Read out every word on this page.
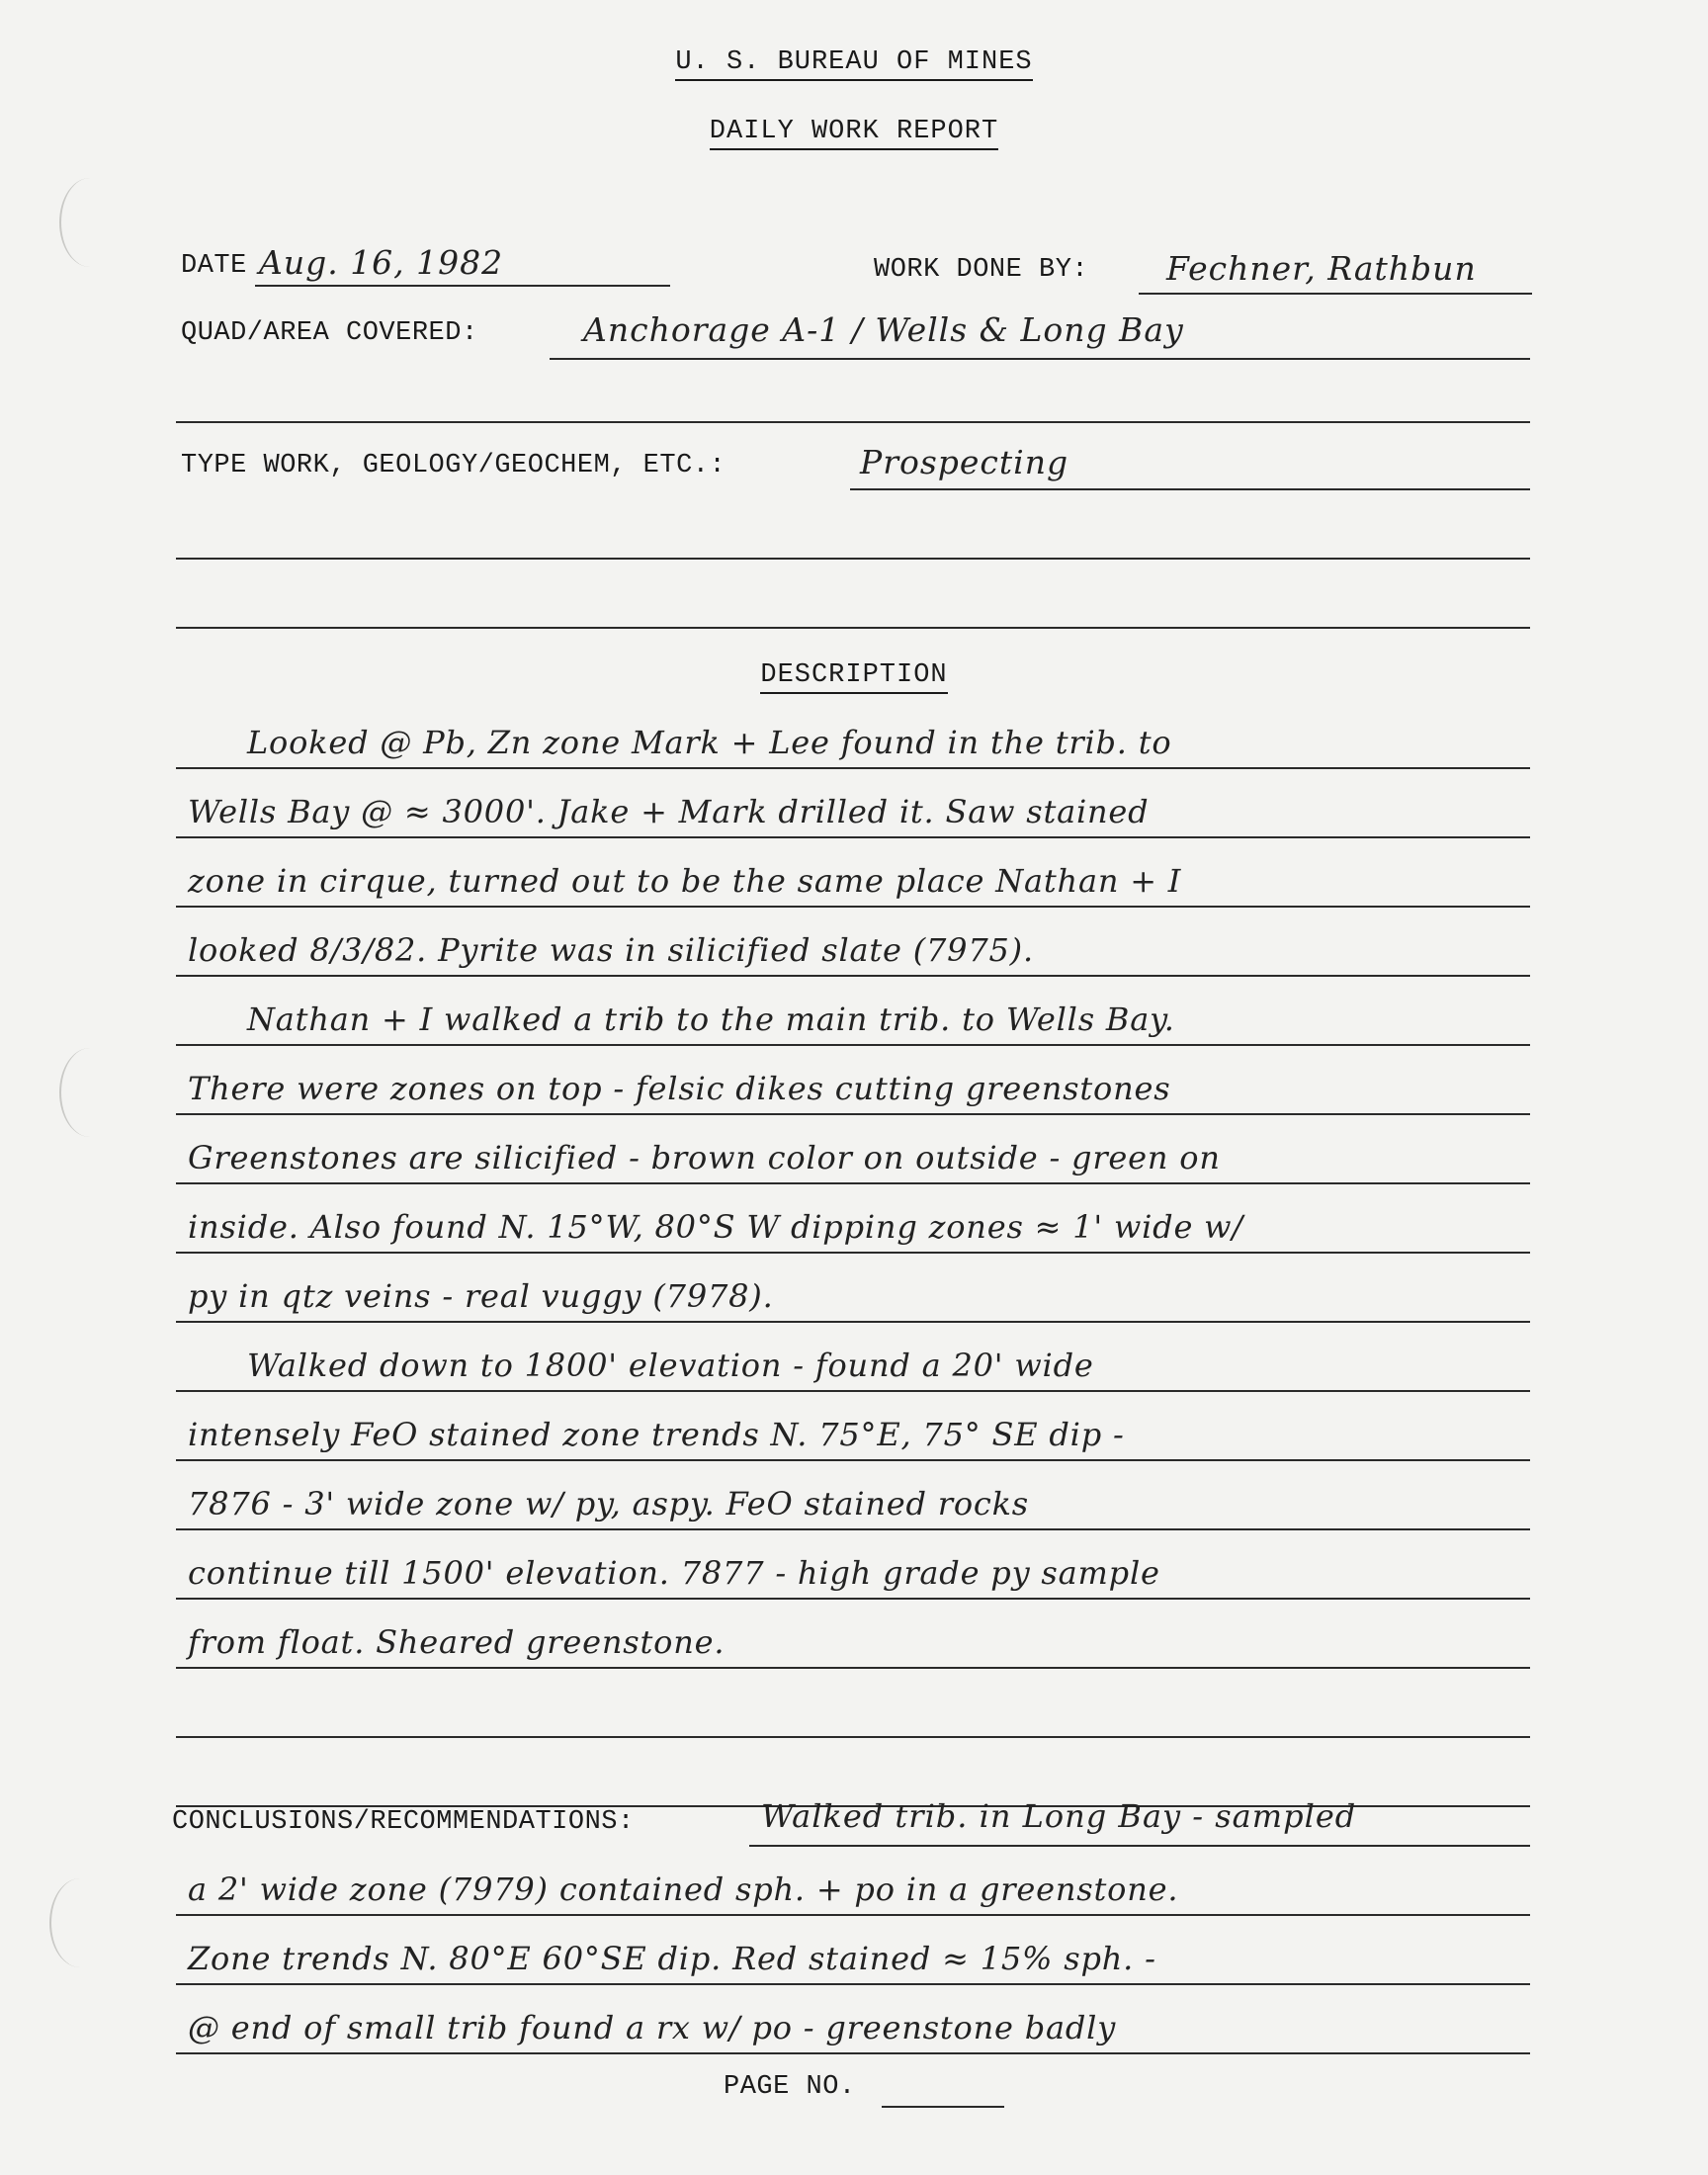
U. S. BUREAU OF MINES
DAILY WORK REPORT
DATE Aug. 16, 1982	WORK DONE BY: Fechner, Rathbun
QUAD/AREA COVERED:	Anchorage A-1 / Wells & Long Bay
TYPE WORK, GEOLOGY/GEOCHEM, ETC.:	Prospecting
DESCRIPTION
Looked @ Pb, Zn zone Mark + Lee found in the trib. to
Wells Bay @ ≈ 3000'. Jake + Mark drilled it. Saw stained
zone in cirque, turned out to be the same place Nathan + I
looked 8/3/82. Pyrite was in silicified slate (7975).
Nathan + I walked a trib to the main trib. to Wells Bay.
There were zones on top - felsic dikes cutting greenstones
Greenstones are silicified - brown color on outside - green on
inside. Also found N. 15°W, 80°S W dipping zones ≈ 1' wide w/
py in qtz veins - real vuggy (7978).
Walked down to 1800' elevation - found a 20' wide
intensely FeO stained zone trends N. 75°E, 75° SE dip -
7876 - 3' wide zone w/ py, aspy. FeO stained rocks
continue till 1500' elevation. 7877 - high grade py sample
from float. Sheared greenstone.
CONCLUSIONS/RECOMMENDATIONS:	Walked trib. in Long Bay - sampled
a 2' wide zone (7979) contained sph. + po in a greenstone.
Zone trends N. 80°E 60°SE dip. Red stained ≈ 15% sph. -
@ end of small trib found a rx w/ po - greenstone badly
PAGE NO.
